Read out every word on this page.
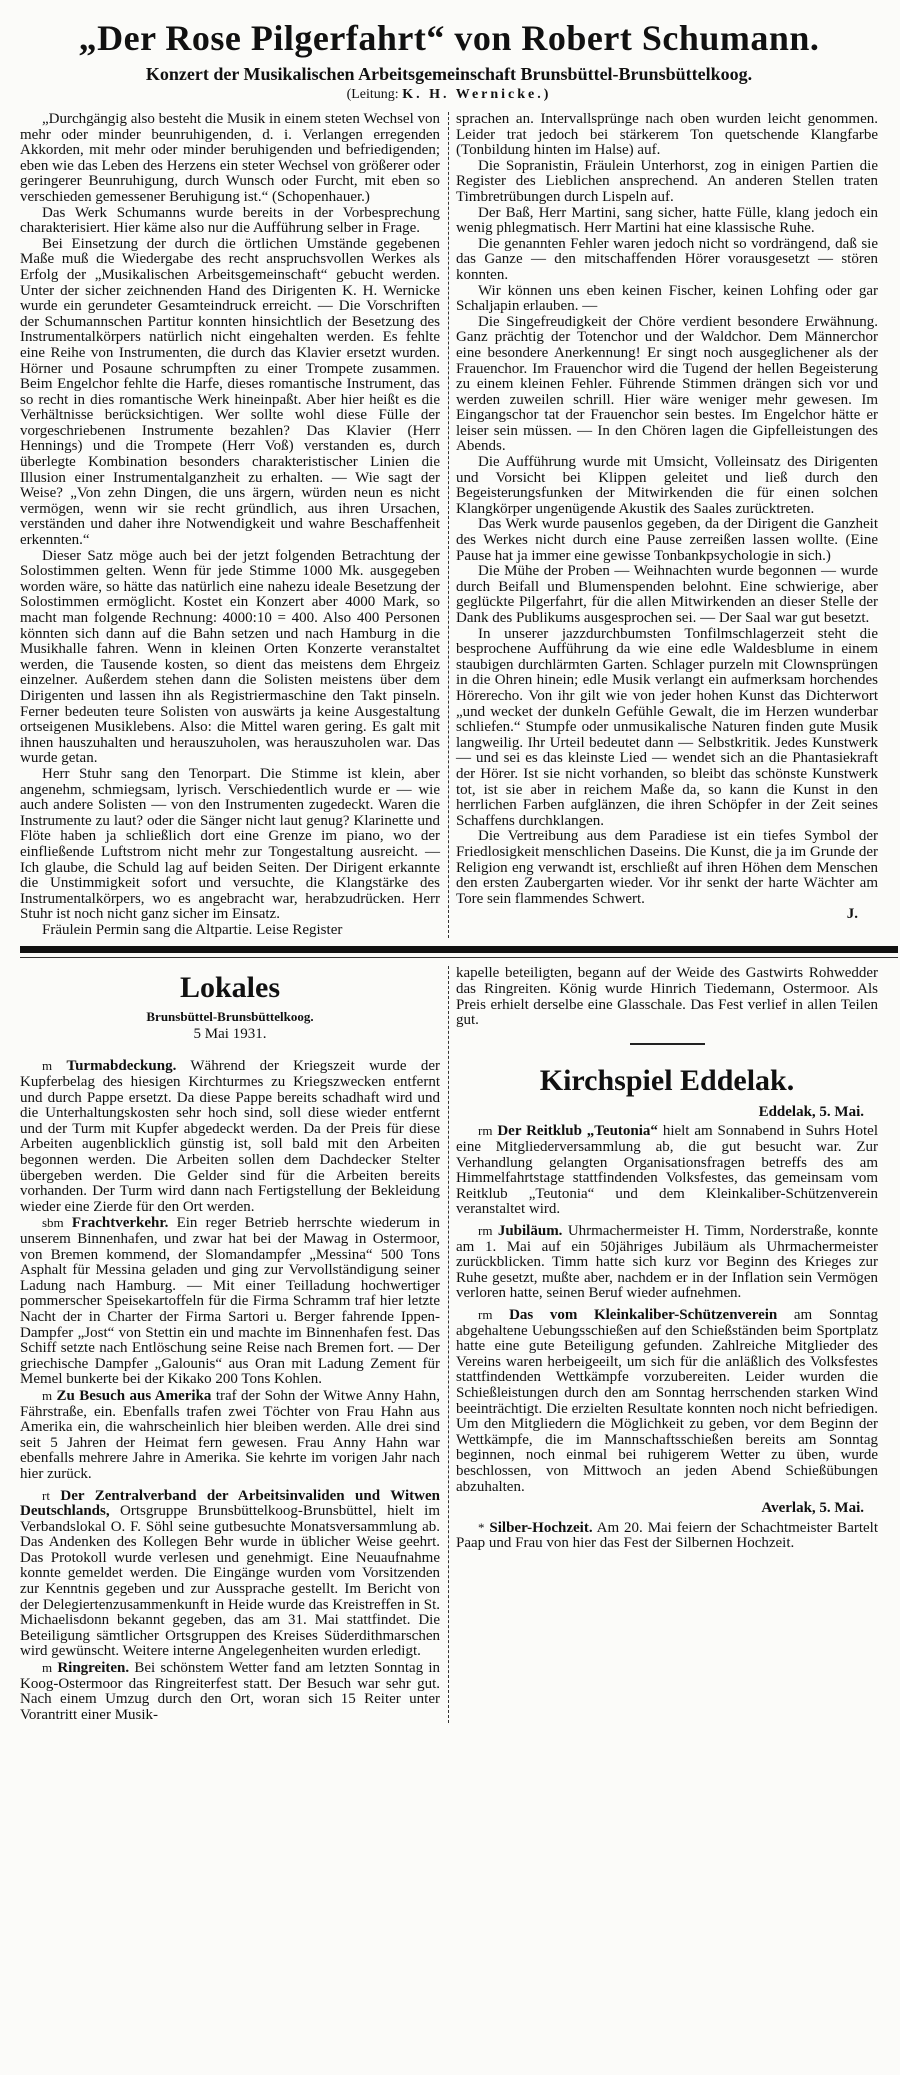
„Der Rose Pilgerfahrt“ von Robert Schumann.
Konzert der Musikalischen Arbeitsgemeinschaft Brunsbüttel-Brunsbüttelkoog.
(Leitung: K. H. Wernicke.)

„Durchgängig also besteht die Musik in einem steten Wechsel von mehr oder minder beunruhigenden, d. i. Verlangen erregenden Akkorden, mit mehr oder minder beruhigenden und befriedigenden; eben wie das Leben des Herzens ein steter Wechsel von größerer oder geringerer Beunruhigung, durch Wunsch oder Furcht, mit eben so verschieden gemessener Beruhigung ist.“ (Schopenhauer.)

Das Werk Schumanns wurde bereits in der Vorbesprechung charakterisiert. Hier käme also nur die Aufführung selber in Frage.

Bei Einsetzung der durch die örtlichen Umstände gegebenen Maße muß die Wiedergabe des recht anspruchsvollen Werkes als Erfolg der „Musikalischen Arbeitsgemeinschaft“ gebucht werden. Unter der sicher zeichnenden Hand des Dirigenten K. H. Wernicke wurde ein gerundeter Gesamteindruck erreicht. — Die Vorschriften der Schumannschen Partitur konnten hinsichtlich der Besetzung des Instrumentalkörpers natürlich nicht eingehalten werden. Es fehlte eine Reihe von Instrumenten, die durch das Klavier ersetzt wurden. Hörner und Posaune schrumpften zu einer Trompete zusammen. Beim Engelchor fehlte die Harfe, dieses romantische Instrument, das so recht in dies romantische Werk hineinpaßt. Aber hier heißt es die Verhältnisse berücksichtigen. Wer sollte wohl diese Fülle der vorgeschriebenen Instrumente bezahlen? Das Klavier (Herr Hennings) und die Trompete (Herr Voß) verstanden es, durch überlegte Kombination besonders charakteristischer Linien die Illusion einer Instrumentalganzheit zu erhalten. — Wie sagt der Weise? „Von zehn Dingen, die uns ärgern, würden neun es nicht vermögen, wenn wir sie recht gründlich, aus ihren Ursachen, verständen und daher ihre Notwendigkeit und wahre Beschaffenheit erkennten.“

Dieser Satz möge auch bei der jetzt folgenden Betrachtung der Solostimmen gelten. Wenn für jede Stimme 1000 Mk. ausgegeben worden wäre, so hätte das natürlich eine nahezu ideale Besetzung der Solostimmen ermöglicht. Kostet ein Konzert aber 4000 Mark, so macht man folgende Rechnung: 4000:10 = 400. Also 400 Personen könnten sich dann auf die Bahn setzen und nach Hamburg in die Musikhalle fahren. Wenn in kleinen Orten Konzerte veranstaltet werden, die Tausende kosten, so dient das meistens dem Ehrgeiz einzelner. Außerdem stehen dann die Solisten meistens über dem Dirigenten und lassen ihn als Registriermaschine den Takt pinseln. Ferner bedeuten teure Solisten von auswärts ja keine Ausgestaltung ortseigenen Musiklebens. Also: die Mittel waren gering. Es galt mit ihnen hauszuhalten und herauszuholen, was herauszuholen war. Das wurde getan.

Herr Stuhr sang den Tenorpart. Die Stimme ist klein, aber angenehm, schmiegsam, lyrisch. Verschiedentlich wurde er — wie auch andere Solisten — von den Instrumenten zugedeckt. Waren die Instrumente zu laut? oder die Sänger nicht laut genug? Klarinette und Flöte haben ja schließlich dort eine Grenze im piano, wo der einfließende Luftstrom nicht mehr zur Tongestaltung ausreicht. — Ich glaube, die Schuld lag auf beiden Seiten. Der Dirigent erkannte die Unstimmigkeit sofort und versuchte, die Klangstärke des Instrumentalkörpers, wo es angebracht war, herabzudrücken. Herr Stuhr ist noch nicht ganz sicher im Einsatz.

Fräulein Permin sang die Altpartie. Leise Register

sprachen an. Intervallsprünge nach oben wurden leicht genommen. Leider trat jedoch bei stärkerem Ton quetschende Klangfarbe (Tonbildung hinten im Halse) auf.

Die Sopranistin, Fräulein Unterhorst, zog in einigen Partien die Register des Lieblichen ansprechend. An anderen Stellen traten Timbretrübungen durch Lispeln auf.

Der Baß, Herr Martini, sang sicher, hatte Fülle, klang jedoch ein wenig phlegmatisch. Herr Martini hat eine klassische Ruhe.

Die genannten Fehler waren jedoch nicht so vordrängend, daß sie das Ganze — den mitschaffenden Hörer vorausgesetzt — stören konnten.

Wir können uns eben keinen Fischer, keinen Lohfing oder gar Schaljapin erlauben. —

Die Singefreudigkeit der Chöre verdient besondere Erwähnung. Ganz prächtig der Totenchor und der Waldchor. Dem Männerchor eine besondere Anerkennung! Er singt noch ausgeglichener als der Frauenchor. Im Frauenchor wird die Tugend der hellen Begeisterung zu einem kleinen Fehler. Führende Stimmen drängen sich vor und werden zuweilen schrill. Hier wäre weniger mehr gewesen. Im Eingangschor tat der Frauenchor sein bestes. Im Engelchor hätte er leiser sein müssen. — In den Chören lagen die Gipfelleistungen des Abends.

Die Aufführung wurde mit Umsicht, Volleinsatz des Dirigenten und Vorsicht bei Klippen geleitet und ließ durch den Begeisterungsfunken der Mitwirkenden die für einen solchen Klangkörper ungenügende Akustik des Saales zurücktreten.

Das Werk wurde pausenlos gegeben, da der Dirigent die Ganzheit des Werkes nicht durch eine Pause zerreißen lassen wollte. (Eine Pause hat ja immer eine gewisse Tonbankpsychologie in sich.)

Die Mühe der Proben — Weihnachten wurde begonnen — wurde durch Beifall und Blumenspenden belohnt. Eine schwierige, aber geglückte Pilgerfahrt, für die allen Mitwirkenden an dieser Stelle der Dank des Publikums ausgesprochen sei. — Der Saal war gut besetzt.

In unserer jazzdurchbumsten Tonfilmschlagerzeit steht die besprochene Aufführung da wie eine edle Waldesblume in einem staubigen durchlärmten Garten. Schlager purzeln mit Clownsprüngen in die Ohren hinein; edle Musik verlangt ein aufmerksam horchendes Hörerecho. Von ihr gilt wie von jeder hohen Kunst das Dichterwort „und wecket der dunkeln Gefühle Gewalt, die im Herzen wunderbar schliefen.“ Stumpfe oder unmusikalische Naturen finden gute Musik langweilig. Ihr Urteil bedeutet dann — Selbstkritik. Jedes Kunstwerk — und sei es das kleinste Lied — wendet sich an die Phantasiekraft der Hörer. Ist sie nicht vorhanden, so bleibt das schönste Kunstwerk tot, ist sie aber in reichem Maße da, so kann die Kunst in den herrlichen Farben aufglänzen, die ihren Schöpfer in der Zeit seines Schaffens durchklangen.

Die Vertreibung aus dem Paradiese ist ein tiefes Symbol der Friedlosigkeit menschlichen Daseins. Die Kunst, die ja im Grunde der Religion eng verwandt ist, erschließt auf ihren Höhen dem Menschen den ersten Zaubergarten wieder. Vor ihr senkt der harte Wächter am Tore sein flammendes Schwert.

J.
Lokales
Brunsbüttel-Brunsbüttelkoog.
5 Mai 1931.

m Turmabdeckung. Während der Kriegszeit wurde der Kupferbelag des hiesigen Kirchturmes zu Kriegszwecken entfernt und durch Pappe ersetzt. Da diese Pappe bereits schadhaft wird und die Unterhaltungskosten sehr hoch sind, soll diese wieder entfernt und der Turm mit Kupfer abgedeckt werden. Da der Preis für diese Arbeiten augenblicklich günstig ist, soll bald mit den Arbeiten begonnen werden. Die Arbeiten sollen dem Dachdecker Stelter übergeben werden. Die Gelder sind für die Arbeiten bereits vorhanden. Der Turm wird dann nach Fertigstellung der Bekleidung wieder eine Zierde für den Ort werden.

sbm Frachtverkehr. Ein reger Betrieb herrschte wiederum in unserem Binnenhafen, und zwar hat bei der Mawag in Ostermoor, von Bremen kommend, der Slomandampfer „Messina“ 500 Tons Asphalt für Messina geladen und ging zur Vervollständigung seiner Ladung nach Hamburg. — Mit einer Teilladung hochwertiger pommerscher Speisekartoffeln für die Firma Schramm traf hier letzte Nacht der in Charter der Firma Sartori u. Berger fahrende Ippen-Dampfer „Jost“ von Stettin ein und machte im Binnenhafen fest. Das Schiff setzte nach Entlöschung seine Reise nach Bremen fort. — Der griechische Dampfer „Galounis“ aus Oran mit Ladung Zement für Memel bunkerte bei der Kikako 200 Tons Kohlen.

m Zu Besuch aus Amerika traf der Sohn der Witwe Anny Hahn, Fährstraße, ein. Ebenfalls trafen zwei Töchter von Frau Hahn aus Amerika ein, die wahrscheinlich hier bleiben werden. Alle drei sind seit 5 Jahren der Heimat fern gewesen. Frau Anny Hahn war ebenfalls mehrere Jahre in Amerika. Sie kehrte im vorigen Jahr nach hier zurück.

rt Der Zentralverband der Arbeitsinvaliden und Witwen Deutschlands, Ortsgruppe Brunsbüttelkoog-Brunsbüttel, hielt im Verbandslokal O. F. Söhl seine gutbesuchte Monatsversammlung ab. Das Andenken des Kollegen Behr wurde in üblicher Weise geehrt. Das Protokoll wurde verlesen und genehmigt. Eine Neuaufnahme konnte gemeldet werden. Die Eingänge wurden vom Vorsitzenden zur Kenntnis gegeben und zur Aussprache gestellt. Im Bericht von der Delegiertenzusammenkunft in Heide wurde das Kreistreffen in St. Michaelisdonn bekannt gegeben, das am 31. Mai stattfindet. Die Beteiligung sämtlicher Ortsgruppen des Kreises Süderdithmarschen wird gewünscht. Weitere interne Angelegenheiten wurden erledigt.

m Ringreiten. Bei schönstem Wetter fand am letzten Sonntag in Koog-Ostermoor das Ringreiterfest statt. Der Besuch war sehr gut. Nach einem Umzug durch den Ort, woran sich 15 Reiter unter Vorantritt einer Musik-

kapelle beteiligten, begann auf der Weide des Gastwirts Rohwedder das Ringreiten. König wurde Hinrich Tiedemann, Ostermoor. Als Preis erhielt derselbe eine Glasschale. Das Fest verlief in allen Teilen gut.

Kirchspiel Eddelak.
Eddelak, 5. Mai.

rm Der Reitklub „Teutonia“ hielt am Sonnabend in Suhrs Hotel eine Mitgliederversammlung ab, die gut besucht war. Zur Verhandlung gelangten Organisationsfragen betreffs des am Himmelfahrtstage stattfindenden Volksfestes, das gemeinsam vom Reitklub „Teutonia“ und dem Kleinkaliber-Schützenverein veranstaltet wird.

rm Jubiläum. Uhrmachermeister H. Timm, Norderstraße, konnte am 1. Mai auf ein 50jähriges Jubiläum als Uhrmachermeister zurückblicken. Timm hatte sich kurz vor Beginn des Krieges zur Ruhe gesetzt, mußte aber, nachdem er in der Inflation sein Vermögen verloren hatte, seinen Beruf wieder aufnehmen.

rm Das vom Kleinkaliber-Schützenverein am Sonntag abgehaltene Uebungsschießen auf den Schießständen beim Sportplatz hatte eine gute Beteiligung gefunden. Zahlreiche Mitglieder des Vereins waren herbeigeeilt, um sich für die anläßlich des Volksfestes stattfindenden Wettkämpfe vorzubereiten. Leider wurden die Schießleistungen durch den am Sonntag herrschenden starken Wind beeinträchtigt. Die erzielten Resultate konnten noch nicht befriedigen. Um den Mitgliedern die Möglichkeit zu geben, vor dem Beginn der Wettkämpfe, die im Mannschaftsschießen bereits am Sonntag beginnen, noch einmal bei ruhigerem Wetter zu üben, wurde beschlossen, von Mittwoch an jeden Abend Schießübungen abzuhalten.

Averlak, 5. Mai.

* Silber-Hochzeit. Am 20. Mai feiern der Schachtmeister Bartelt Paap und Frau von hier das Fest der Silbernen Hochzeit.
